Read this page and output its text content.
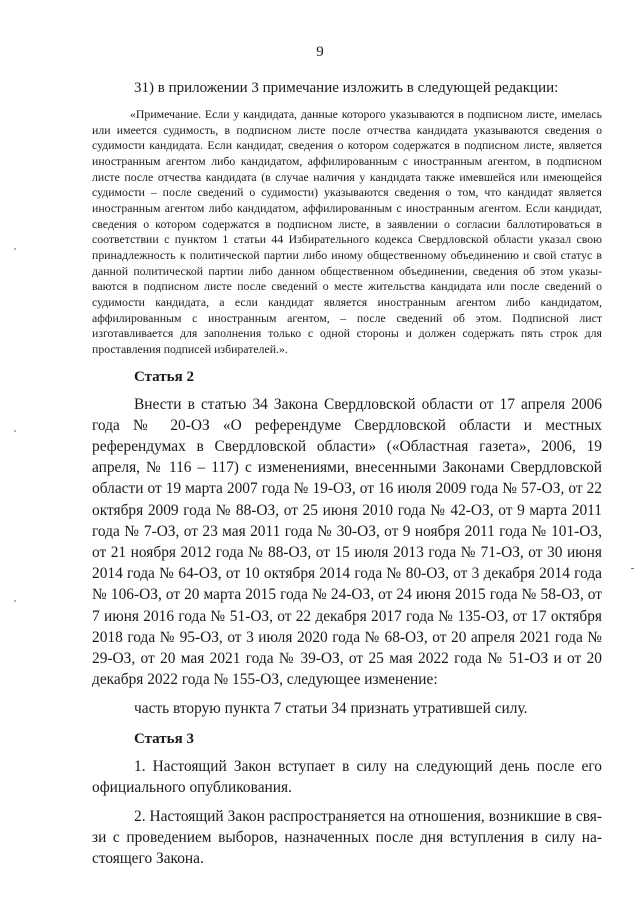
9

31) в приложении 3 примечание изложить в следующей редакции:

«Примечание. Если у кандидата, данные которого указываются в подписном листе, имелась или имеется судимость, в подписном листе после отчества кандидата указываются сведения о судимости кандидата. Если кандидат, сведения о котором содержатся в подписном листе, является иностранным агентом либо кандидатом, аффилированным с иностранным агентом, в подписном листе после отчества кандидата (в случае наличия у кандидата также имевшейся или имеющейся судимости – после сведений о судимости) указываются сведения о том, что кандидат является иностранным агентом либо кандидатом, аффилированным с иностранным агентом. Если кандидат, сведения о котором содержатся в подписном листе, в заявлении о согласии баллотироваться в соответствии с пунктом 1 статьи 44 Избирательного кодекса Свердловской области указал свою принадлежность к политической партии либо иному общественному объединению и свой статус в данной политической партии либо данном общественном объединении, сведения об этом указываются в подписном листе после сведений о месте жительства кандидата или после сведений о судимости кандидата, а если кандидат является иностранным агентом либо кандидатом, аффилированным с иностранным агентом, – после сведений об этом. Подписной лист изготавливается для заполнения только с одной стороны и должен содержать пять строк для проставления подписей избирателей.».

Статья 2

Внести в статью 34 Закона Свердловской области от 17 апреля 2006 года № 20-ОЗ «О референдуме Свердловской области и местных референдумах в Свердловской области» («Областная газета», 2006, 19 апреля, № 116 – 117) с изменениями, внесенными Законами Свердловской области от 19 марта 2007 года № 19-ОЗ, от 16 июля 2009 года № 57-ОЗ, от 22 октября 2009 года № 88-ОЗ, от 25 июня 2010 года № 42-ОЗ, от 9 марта 2011 года № 7-ОЗ, от 23 мая 2011 года № 30-ОЗ, от 9 ноября 2011 года № 101-ОЗ, от 21 ноября 2012 года № 88-ОЗ, от 15 июля 2013 года № 71-ОЗ, от 30 июня 2014 года № 64-ОЗ, от 10 октября 2014 года № 80-ОЗ, от 3 декабря 2014 года № 106-ОЗ, от 20 марта 2015 года № 24-ОЗ, от 24 июня 2015 года № 58-ОЗ, от 7 июня 2016 года № 51-ОЗ, от 22 декабря 2017 года № 135-ОЗ, от 17 октября 2018 года № 95-ОЗ, от 3 июля 2020 года № 68-ОЗ, от 20 апреля 2021 года № 29-ОЗ, от 20 мая 2021 года № 39-ОЗ, от 25 мая 2022 года № 51-ОЗ и от 20 декабря 2022 года № 155-ОЗ, следующее изменение:

часть вторую пункта 7 статьи 34 признать утратившей силу.

Статья 3

1. Настоящий Закон вступает в силу на следующий день после его официального опубликования.

2. Настоящий Закон распространяется на отношения, возникшие в связи с проведением выборов, назначенных после дня вступления в силу настоящего Закона.
